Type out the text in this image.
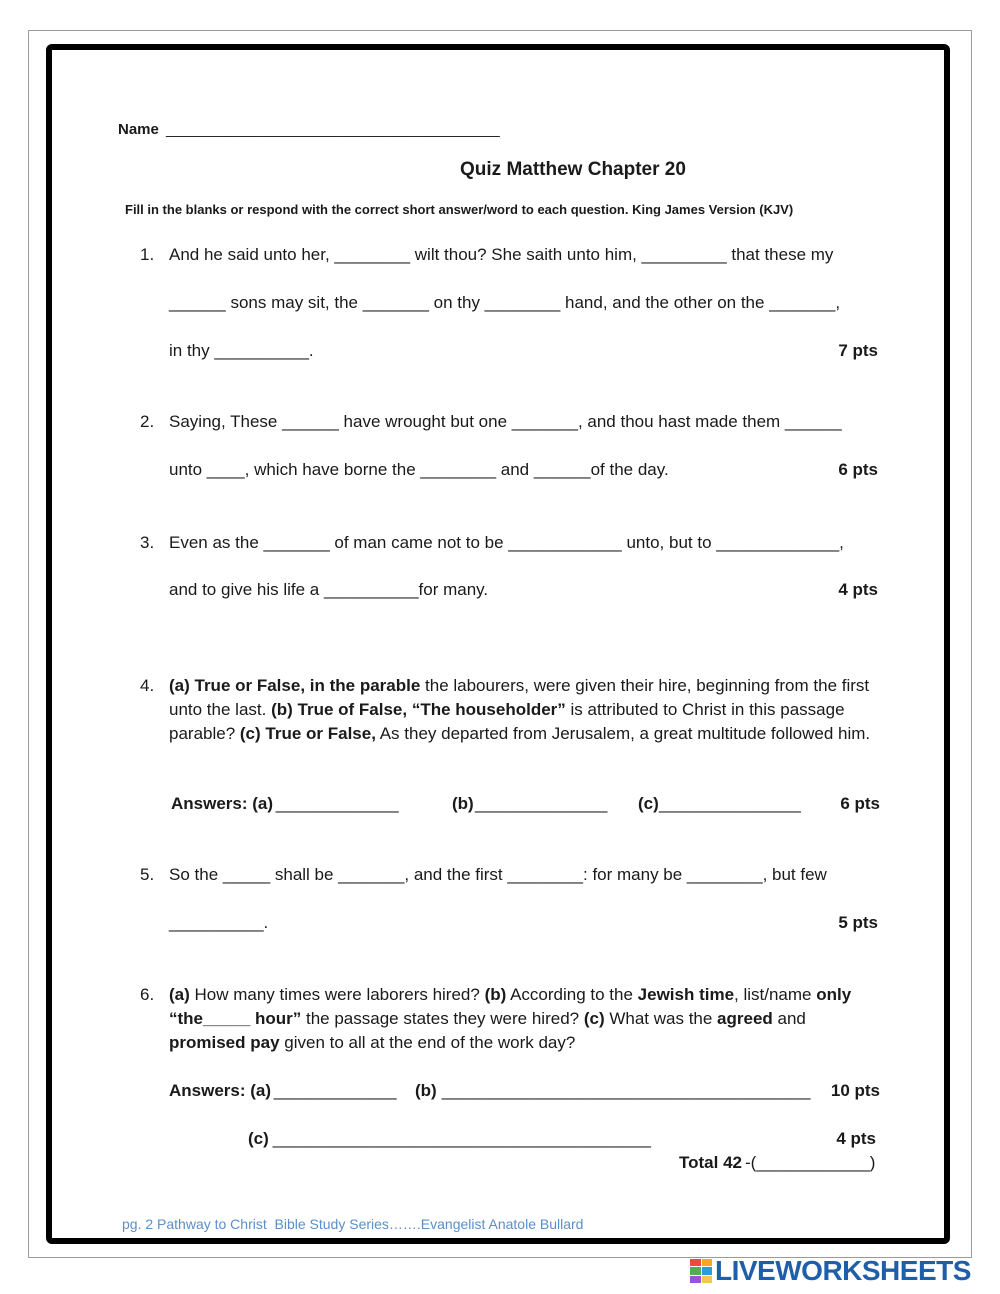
Name ________________________________________
Quiz Matthew Chapter 20
Fill in the blanks or respond with the correct short answer/word to each question. King James Version (KJV)
1. And he said unto her, ________ wilt thou? She saith unto him, _________ that these my
______ sons may sit, the _______ on thy ________ hand, and the other on the _______,
in thy __________.	7 pts
2. Saying, These ______ have wrought but one _______, and thou hast made them ______
unto ____, which have borne the ________ and ______of the day.	6 pts
3. Even as the _______ of man came not to be ____________ unto, but to _____________,
and to give his life a __________for many.	4 pts
4. (a) True or False, in the parable the labourers, were given their hire, beginning from the first unto the last. (b) True of False, “The householder” is attributed to Christ in this passage parable? (c) True or False, As they departed from Jerusalem, a great multitude followed him.
Answers: (a)
_____________	(b) ______________ (c) _______________	6 pts
5. So the _____ shall be _______, and the first ________: for many be ________, but few
__________.	5 pts
6. (a) How many times were laborers hired? (b) According to the Jewish time, list/name only “the_____ hour” the passage states they were hired? (c) What was the agreed and promised pay given to all at the end of the work day?
Answers: (a)
_____________ (b) _______________________________________	10 pts
(c) ________________________________________	4 pts
Total 42 -(____________)
pg. 2 Pathway to Christ  Bible Study Series…….Evangelist Anatole Bullard
LIVEWORKSHEETS
